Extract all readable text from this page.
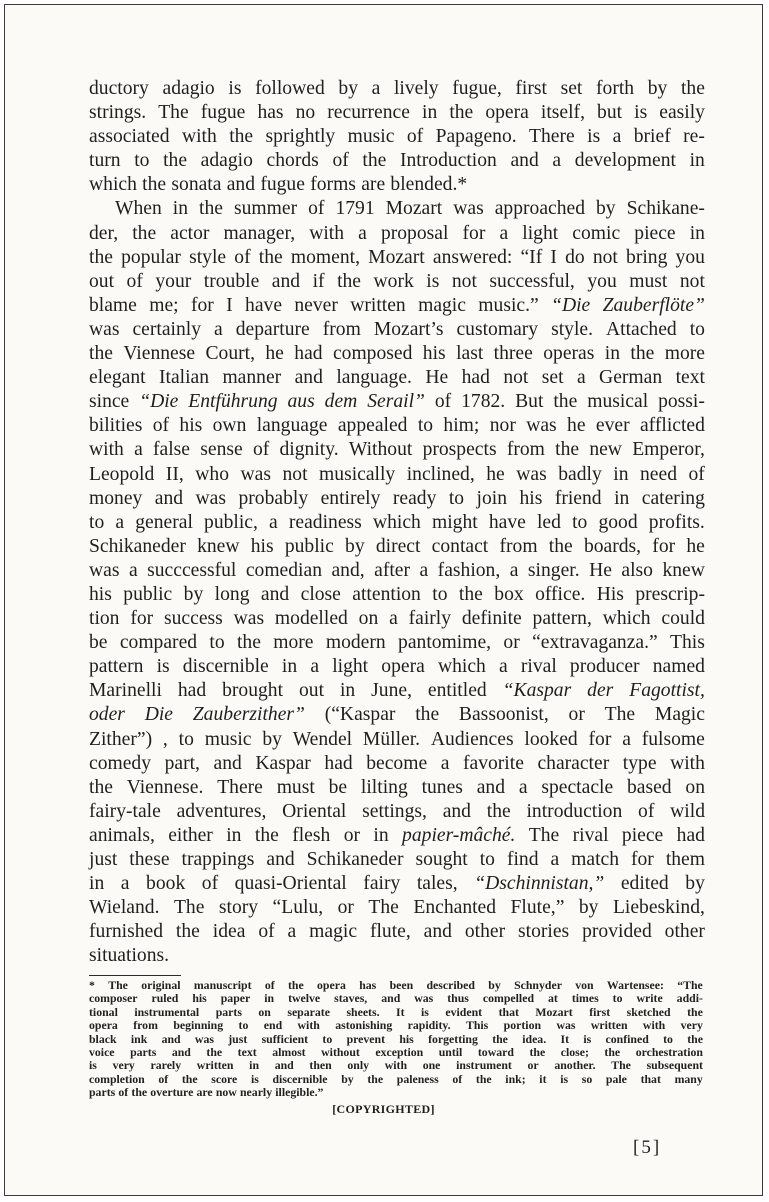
ductory adagio is followed by a lively fugue, first set forth by the
strings. The fugue has no recurrence in the opera itself, but is easily
associated with the sprightly music of Papageno. There is a brief re-
turn to the adagio chords of the Introduction and a development in
which the sonata and fugue forms are blended.*
When in the summer of 1791 Mozart was approached by Schikane-
der, the actor manager, with a proposal for a light comic piece in
the popular style of the moment, Mozart answered: “If I do not bring you
out of your trouble and if the work is not successful, you must not
blame me; for I have never written magic music.” “Die Zauberflöte”
was certainly a departure from Mozart’s customary style. Attached to
the Viennese Court, he had composed his last three operas in the more
elegant Italian manner and language. He had not set a German text
since “Die Entführung aus dem Serail” of 1782. But the musical possi-
bilities of his own language appealed to him; nor was he ever afflicted
with a false sense of dignity. Without prospects from the new Emperor,
Leopold II, who was not musically inclined, he was badly in need of
money and was probably entirely ready to join his friend in catering
to a general public, a readiness which might have led to good profits.
Schikaneder knew his public by direct contact from the boards, for he
was a succcessful comedian and, after a fashion, a singer. He also knew
his public by long and close attention to the box office. His prescrip-
tion for success was modelled on a fairly definite pattern, which could
be compared to the more modern pantomime, or “extravaganza.” This
pattern is discernible in a light opera which a rival producer named
Marinelli had brought out in June, entitled “Kaspar der Fagottist,
oder Die Zauberzither” (“Kaspar the Bassoonist, or The Magic
Zither”) , to music by Wendel Müller. Audiences looked for a fulsome
comedy part, and Kaspar had become a favorite character type with
the Viennese. There must be lilting tunes and a spectacle based on
fairy-tale adventures, Oriental settings, and the introduction of wild
animals, either in the flesh or in papier-mâché. The rival piece had
just these trappings and Schikaneder sought to find a match for them
in a book of quasi-Oriental fairy tales, “Dschinnistan,” edited by
Wieland. The story “Lulu, or The Enchanted Flute,” by Liebeskind,
furnished the idea of a magic flute, and other stories provided other
situations.
* The original manuscript of the opera has been described by Schnyder von Wartensee: “The
composer ruled his paper in twelve staves, and was thus compelled at times to write addi-
tional instrumental parts on separate sheets. It is evident that Mozart first sketched the
opera from beginning to end with astonishing rapidity. This portion was written with very
black ink and was just sufficient to prevent his forgetting the idea. It is confined to the
voice parts and the text almost without exception until toward the close; the orchestration
is very rarely written in and then only with one instrument or another. The subsequent
completion of the score is discernible by the paleness of the ink; it is so pale that many
parts of the overture are now nearly illegible.”
[COPYRIGHTED]
[5]
